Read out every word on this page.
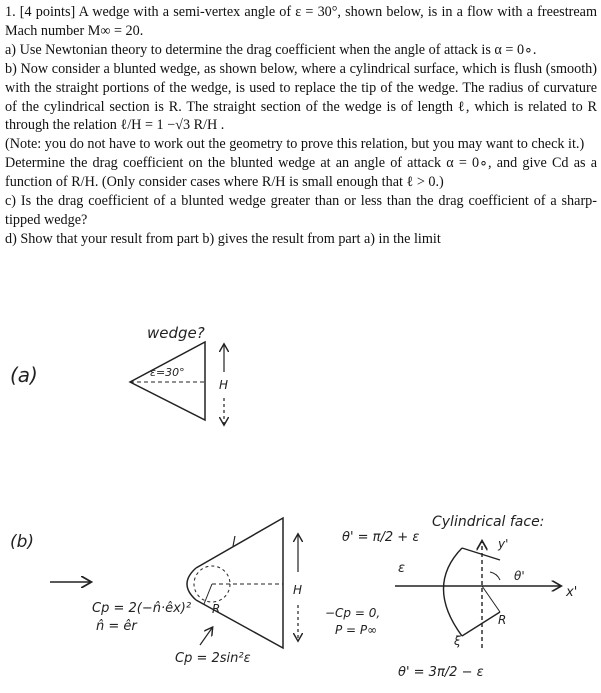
1. [4 points] A wedge with a semi-vertex angle of ε = 30°, shown below, is in a flow with a freestream Mach number M∞ = 20.

a) Use Newtonian theory to determine the drag coefficient when the angle of attack is α = 0∘.

b) Now consider a blunted wedge, as shown below, where a cylindrical surface, which is flush (smooth) with the straight portions of the wedge, is used to replace the tip of the wedge. The radius of curvature of the cylindrical section is R. The straight section of the wedge is of length ℓ, which is related to R through the relation ℓ/H = 1 −√3 R/H .

(Note: you do not have to work out the geometry to prove this relation, but you may want to check it.)

Determine the drag coefficient on the blunted wedge at an angle of attack α = 0∘, and give Cd as a function of R/H. (Only consider cases where R/H is small enough that ℓ > 0.)

c) Is the drag coefficient of a blunted wedge greater than or less than the drag coefficient of a sharp-tipped wedge?

d) Show that your result from part b) gives the result from part a) in the limit

(a)
wedge?
ε=30°
H
(b)	l
R
H
Cp = 2(−n̂·êx)²
n̂ = êr
Cp = 2sin²ε
−Cp = 0,
P = P∞
θ' = π/2 + ε
Cylindrical face:
ε
y'
x'
θ'
R
ξ
θ' = 3π/2 − ε
